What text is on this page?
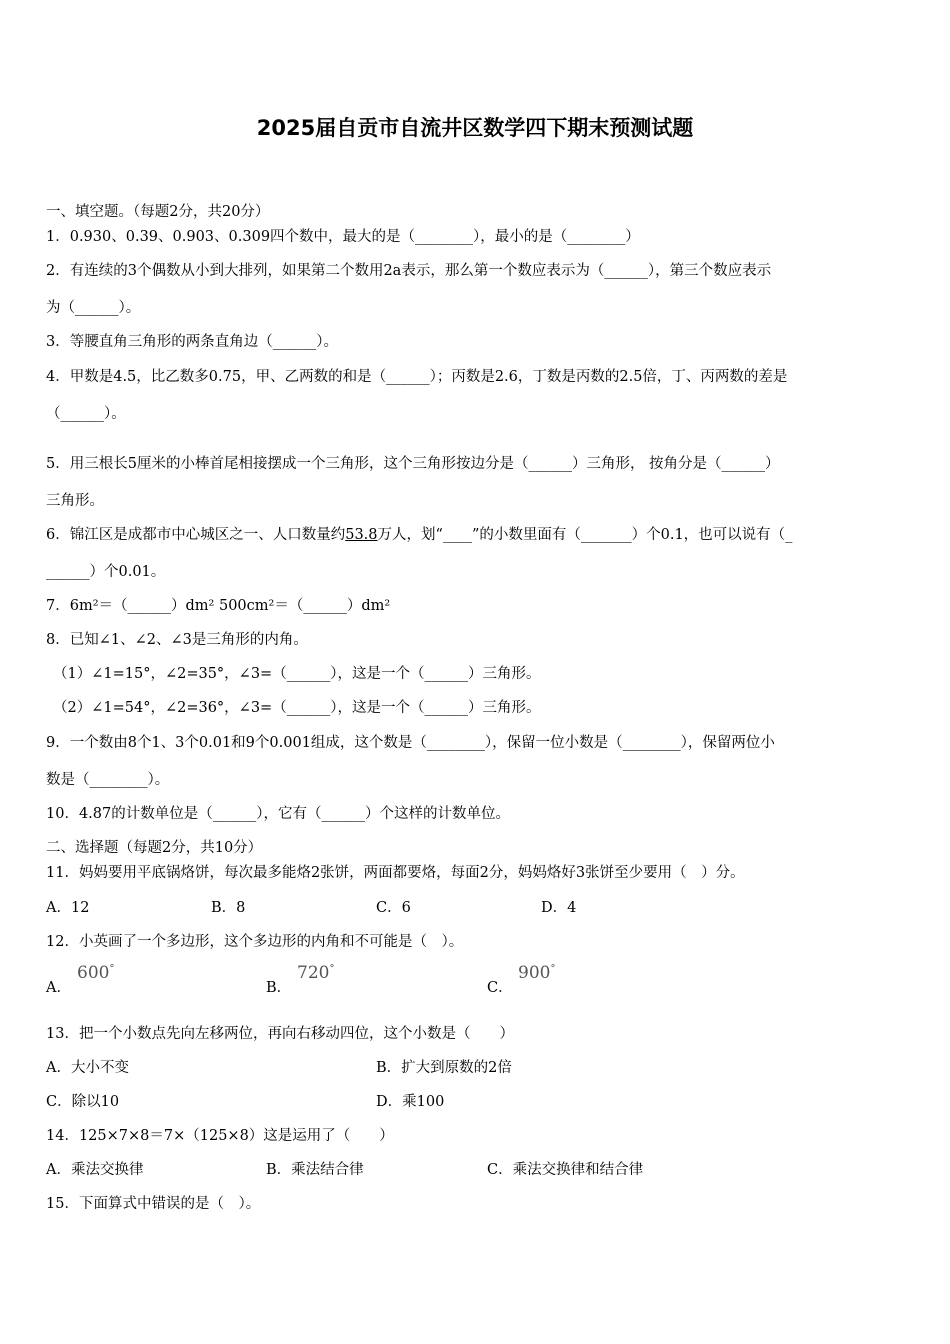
2025届自贡市自流井区数学四下期末预测试题
一、填空题。（每题2分，共20分）
1．0.930、0.39、0.903、0.309四个数中，最大的是（________），最小的是（________）
2．有连续的3个偶数从小到大排列，如果第二个数用2a表示，那么第一个数应表示为（______），第三个数应表示
为（______）。
3．等腰直角三角形的两条直角边（______）。
4．甲数是4.5，比乙数多0.75，甲、乙两数的和是（______）；丙数是2.6，丁数是丙数的2.5倍，丁、丙两数的差是
（______）。
5．用三根长5厘米的小棒首尾相接摆成一个三角形，这个三角形按边分是（______）三角形， 按角分是（______）
三角形。
6．锦江区是成都市中心城区之一、人口数量约53.8万人，划“____”的小数里面有（_______）个0.1，也可以说有（_
______）个0.01。
7．6m²＝（______）dm² 500cm²＝（______）dm²
8．已知∠1、∠2、∠3是三角形的内角。
（1）∠1=15°，∠2=35°，∠3=（______），这是一个（______）三角形。
（2）∠1=54°，∠2=36°，∠3=（______），这是一个（______）三角形。
9．一个数由8个1、3个0.01和9个0.001组成，这个数是（________），保留一位小数是（________），保留两位小
数是（________）。
10．4.87的计数单位是（______），它有（______）个这样的计数单位。
二、选择题（每题2分，共10分）
11．妈妈要用平底锅烙饼，每次最多能烙2张饼，两面都要烙，每面2分，妈妈烙好3张饼至少要用（　）分。
A．12	B．8	C．6	D．4
12．小英画了一个多边形，这个多边形的内角和不可能是（　）。
A．
600°
B．
720°
C．
900°
13．把一个小数点先向左移两位，再向右移动四位，这个小数是（　　）
A．大小不变	B．扩大到原数的2倍
C．除以10	D．乘100
14．125×7×8＝7×（125×8）这是运用了（　　）
A．乘法交换律	B．乘法结合律	C．乘法交换律和结合律
15．下面算式中错误的是（　）。
